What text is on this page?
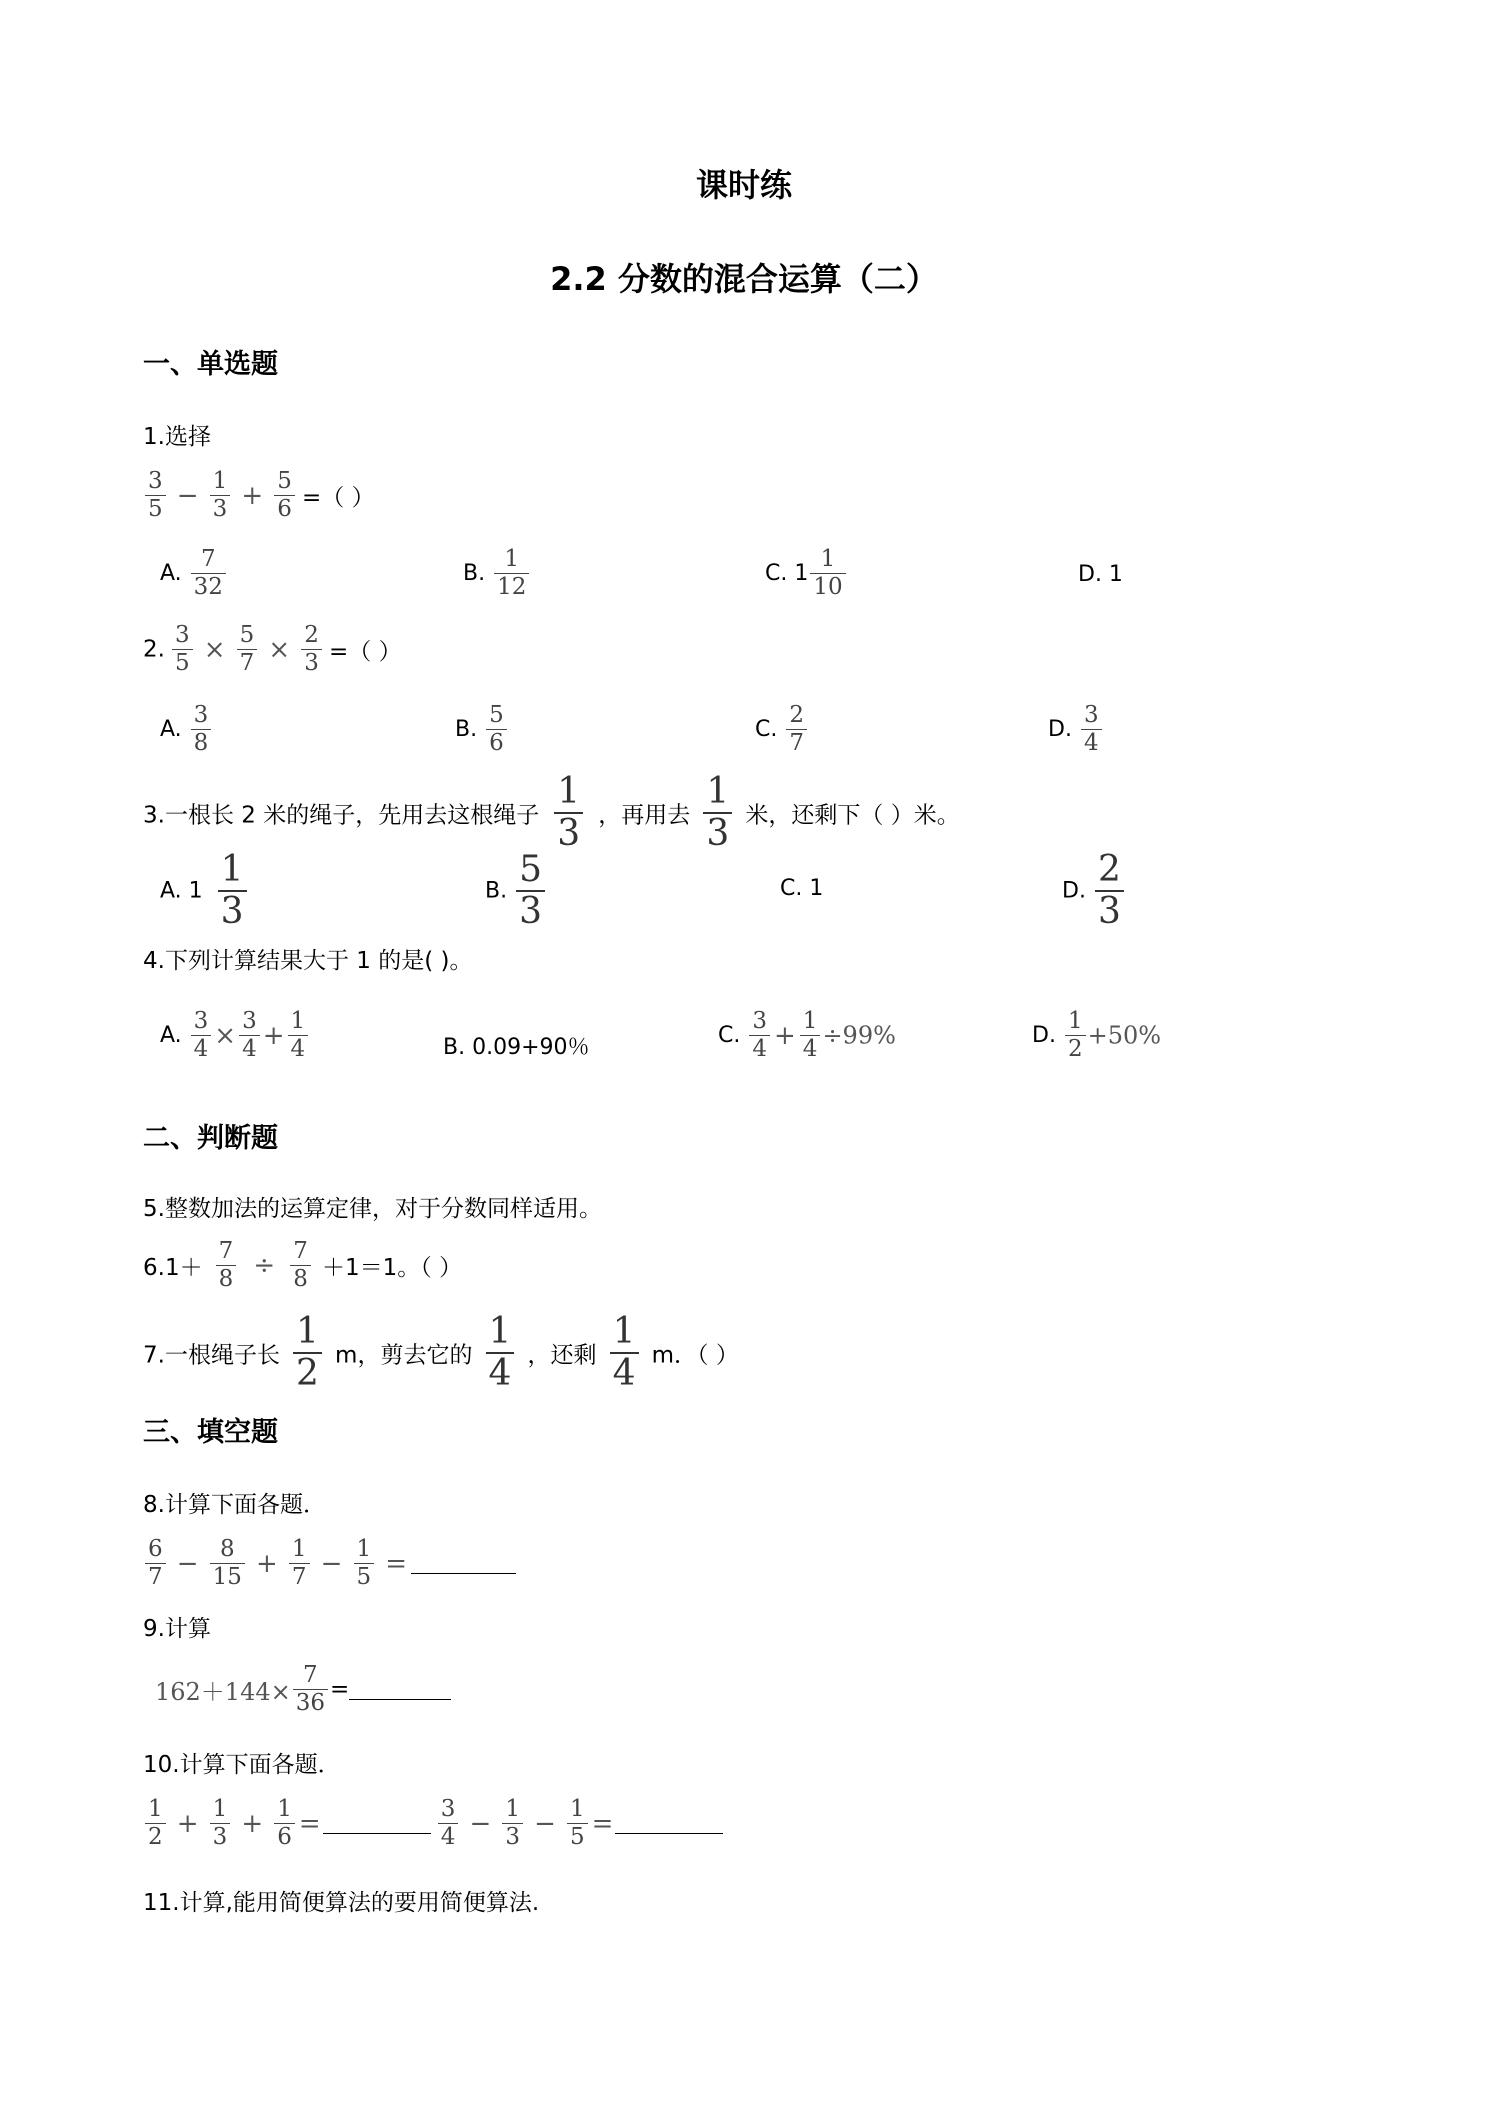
课时练
2.2 分数的混合运算（二）
一、单选题
1.选择
$\frac{3}{5} - \frac{1}{3} + \frac{5}{6}$ =（ ）
A. $\frac{7}{32}$	B. $\frac{1}{12}$	C. $1 \frac{1}{10}$	D. 1
2. $\frac{3}{5} \times \frac{5}{7} \times \frac{2}{3}$ =（ ）
A. $\frac{3}{8}$	B. $\frac{5}{6}$	C. $\frac{2}{7}$	D. $\frac{3}{4}$
3.一根长 2 米的绳子，先用去这根绳子 $\frac{1}{3}$ ，再用去 $\frac{1}{3}$ 米，还剩下（ ）米。
A. $1 \frac{1}{3}$	B. $\frac{5}{3}$	C. 1	D. $\frac{2}{3}$
4.下列计算结果大于 1 的是( )。
A. $\frac{3}{4} \times \frac{3}{4} + \frac{1}{4}$	B. 0.09+90％	C. $\frac{3}{4} + \frac{1}{4} \div 99\%$	D. $\frac{1}{2} +50\%$
二、判断题
5.整数加法的运算定律，对于分数同样适用。
$6.1+ \frac{7}{8} \div \frac{7}{8} +1=1$。（ ）
7.一根绳子长 $\frac{1}{2}$ m，剪去它的 $\frac{1}{4}$ ，还剩 $\frac{1}{4}$ m．（ ）
三、填空题
8.计算下面各题．
$\frac{6}{7} - \frac{8}{15} + \frac{1}{7} - \frac{1}{5}$ =
9.计算
$162+144\times \frac{7}{36}$ =
10.计算下面各题．
$\frac{1}{2} + \frac{1}{3} + \frac{1}{6}$ =	$\frac{3}{4} - \frac{1}{3} - \frac{1}{5}$ =
11.计算,能用简便算法的要用简便算法.
